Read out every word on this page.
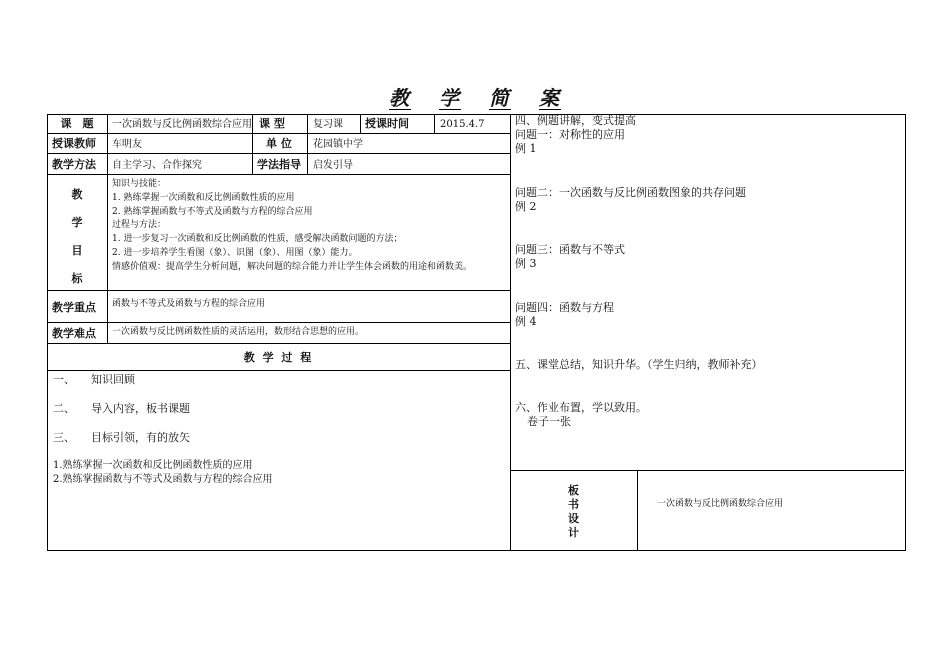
教 学 简 案
课　题	一次函数与反比例函数综合应用 课 型	复习课 授课时间	2015.4.7
授课教师 车明友	单 位 花园镇中学
教学方法 自主学习、合作探究	学法指导 启发引导
教
学
目
标
知识与技能：
1. 熟练掌握一次函数和反比例函数性质的应用
2. 熟练掌握函数与不等式及函数与方程的综合应用
过程与方法：
1. 进一步复习一次函数和反比例函数的性质，感受解决函数问题的方法；
2. 进一步培养学生看图（象）、识图（象）、用图（象）能力。
情感价值观：提高学生分析问题，解决问题的综合能力并让学生体会函数的用途和函数美。
教学重点 函数与不等式及函数与方程的综合应用
教学难点 一次函数与反比例函数性质的灵活运用，数形结合思想的应用。
教 学 过 程
一、 知识回顾
二、 导入内容，板书课题
三、 目标引领，有的放矢
1.熟练掌握一次函数和反比例函数性质的应用
2.熟练掌握函数与不等式及函数与方程的综合应用
四、例题讲解，变式提高
问题一：对称性的应用
例 1
问题二：一次函数与反比例函数图象的共存问题
例 2
问题三：函数与不等式
例 3
问题四：函数与方程
例 4
五、课堂总结，知识升华。（学生归纳，教师补充）
六、作业布置，学以致用。
卷子一张
板
书
设
计
一次函数与反比例函数综合应用
